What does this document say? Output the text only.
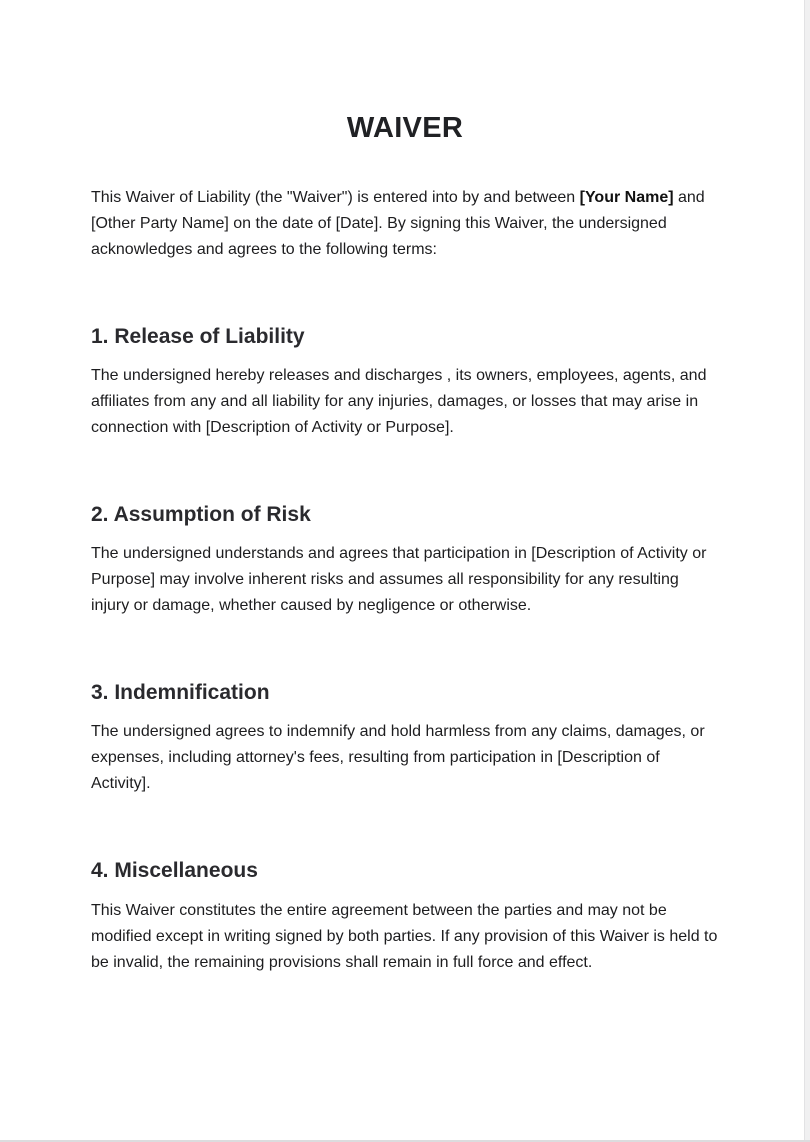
WAIVER

This Waiver of Liability (the "Waiver") is entered into by and between [Your Name] and [Other Party Name] on the date of [Date]. By signing this Waiver, the undersigned acknowledges and agrees to the following terms:

1. Release of Liability

The undersigned hereby releases and discharges , its owners, employees, agents, and affiliates from any and all liability for any injuries, damages, or losses that may arise in connection with [Description of Activity or Purpose].

2. Assumption of Risk

The undersigned understands and agrees that participation in [Description of Activity or Purpose] may involve inherent risks and assumes all responsibility for any resulting injury or damage, whether caused by negligence or otherwise.

3. Indemnification

The undersigned agrees to indemnify and hold harmless from any claims, damages, or expenses, including attorney's fees, resulting from participation in [Description of Activity].

4. Miscellaneous

This Waiver constitutes the entire agreement between the parties and may not be modified except in writing signed by both parties. If any provision of this Waiver is held to be invalid, the remaining provisions shall remain in full force and effect.
